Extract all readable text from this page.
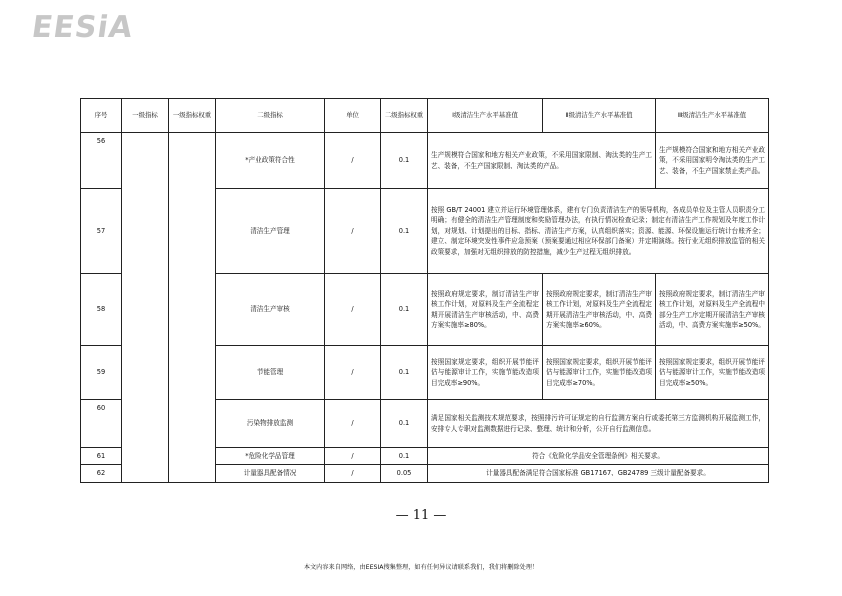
EESiA
序号	一级指标	一级指标权重	二级指标	单位	二级指标权重	Ⅰ级清洁生产水平基准值	Ⅱ级清洁生产水平基准值	Ⅲ级清洁生产水平基准值
56			*产业政策符合性	/	0.1	生产规模符合国家和地方相关产业政策，不采用国家限制、淘汰类的生产工艺、装备，不生产国家限制、淘汰类的产品。		生产规模符合国家和地方相关产业政策，不采用国家明令淘汰类的生产工艺、装备，不生产国家禁止类产品。
57			清洁生产管理	/	0.1	按照 GB/T 24001 建立并运行环境管理体系，建有专门负责清洁生产的领导机构，各成员单位及主管人员职责分工明确；有健全的清洁生产管理制度和奖励管理办法，有执行情况检查记录；制定有清洁生产工作规划及年度工作计划，对规划、计划提出的目标、指标、清洁生产方案，认真组织落实；资源、能源、环保设施运行统计台账齐全；建立、制定环境突发性事件应急预案（预案要通过相应环保部门备案）并定期演练。按行业无组织排放监管的相关政策要求，加强对无组织排放的防控措施，减少生产过程无组织排放。		
58			清洁生产审核	/	0.1	按照政府规定要求，制订清洁生产审核工作计划，对原料及生产全流程定期开展清洁生产审核活动，中、高费方案实施率≥80%。	按照政府规定要求，制订清洁生产审核工作计划，对原料及生产全流程定期开展清洁生产审核活动，中、高费方案实施率≥60%。	按照政府规定要求，制订清洁生产审核工作计划，对原料及生产全流程中部分生产工序定期开展清洁生产审核活动，中、高费方案实施率≥50%。
59			节能管理	/	0.1	按照国家规定要求，组织开展节能评估与能源审计工作，实施节能改造项目完成率≥90%。	按照国家规定要求，组织开展节能评估与能源审计工作，实施节能改造项目完成率≥70%。	按照国家规定要求，组织开展节能评估与能源审计工作，实施节能改造项目完成率≥50%。
60			污染物排放监测	/	0.1	满足国家相关监测技术规范要求，按照排污许可证规定的自行监测方案自行或委托第三方监测机构开展监测工作，安排专人专职对监测数据进行记录、整理、统计和分析，公开自行监测信息。		
61			*危险化学品管理	/	0.1	符合《危险化学品安全管理条例》相关要求。		
62			计量器具配备情况	/	0.05	计量器具配备满足符合国家标准 GB17167、GB24789 三级计量配备要求。		
— 11 —
本文内容来自网络，由EESIA搜集整理，如有任何异议请联系我们，我们将删除处理！
